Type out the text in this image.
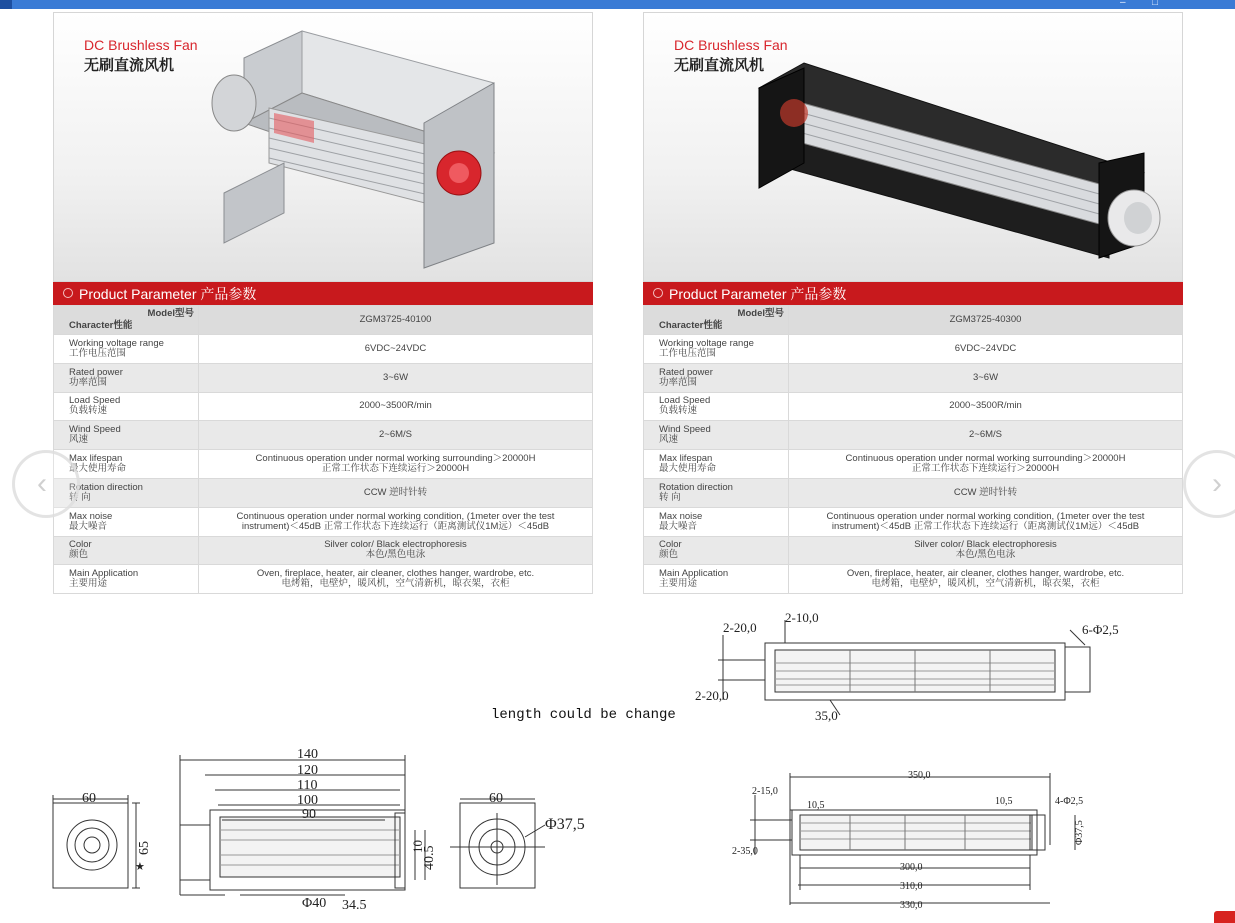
–	□
DC Brushless Fan
无刷直流风机
Product Parameter 产品参数
Model型号
Character性能	ZGM3725-40100
Working voltage range
工作电压范围	6VDC~24VDC
Rated power
功率范围	3~6W
Load Speed
负载转速	2000~3500R/min
Wind Speed
风速	2~6M/S
Max lifespan
最大使用寿命	Continuous operation under normal working surrounding＞20000H
正常工作状态下连续运行＞20000H
Rotation direction
转 向	CCW 逆时针转
Max noise
最大噪音	Continuous operation under normal working condition, (1meter over the test
instrument)＜45dB 正常工作状态下连续运行（距离测试仪1M远）＜45dB
Color
颜色	Silver color/ Black electrophoresis
本色/黑色电泳
Main Application
主要用途	Oven, fireplace, heater, air cleaner, clothes hanger, wardrobe, etc.
电烤箱，电壁炉，暖风机，空气清新机，晾衣架，衣柜
DC Brushless Fan
无刷直流风机
Product Parameter 产品参数
Model型号
Character性能	ZGM3725-40300
Working voltage range
工作电压范围	6VDC~24VDC
Rated power
功率范围	3~6W
Load Speed
负载转速	2000~3500R/min
Wind Speed
风速	2~6M/S
Max lifespan
最大使用寿命	Continuous operation under normal working surrounding＞20000H
正常工作状态下连续运行＞20000H
Rotation direction
转 向	CCW 逆时针转
Max noise
最大噪音	Continuous operation under normal working condition, (1meter over the test
instrument)＜45dB 正常工作状态下连续运行（距离测试仪1M远）＜45dB
Color
颜色	Silver color/ Black electrophoresis
本色/黑色电泳
Main Application
主要用途	Oven, fireplace, heater, air cleaner, clothes hanger, wardrobe, etc.
电烤箱，电壁炉，暖风机，空气清新机，晾衣架，衣柜
‹	›
length could be change
2-20,0
2-10,0
6-Φ2,5
2-20,0
35,0
60
65
★
140
120
110
100
90
10
40.5
Φ40 34.5
60
Φ37,5
350,0
2-15,0
10,5	10,5	4-Φ2,5
Φ37,5
2-35,0
300,0
310,0
330,0
